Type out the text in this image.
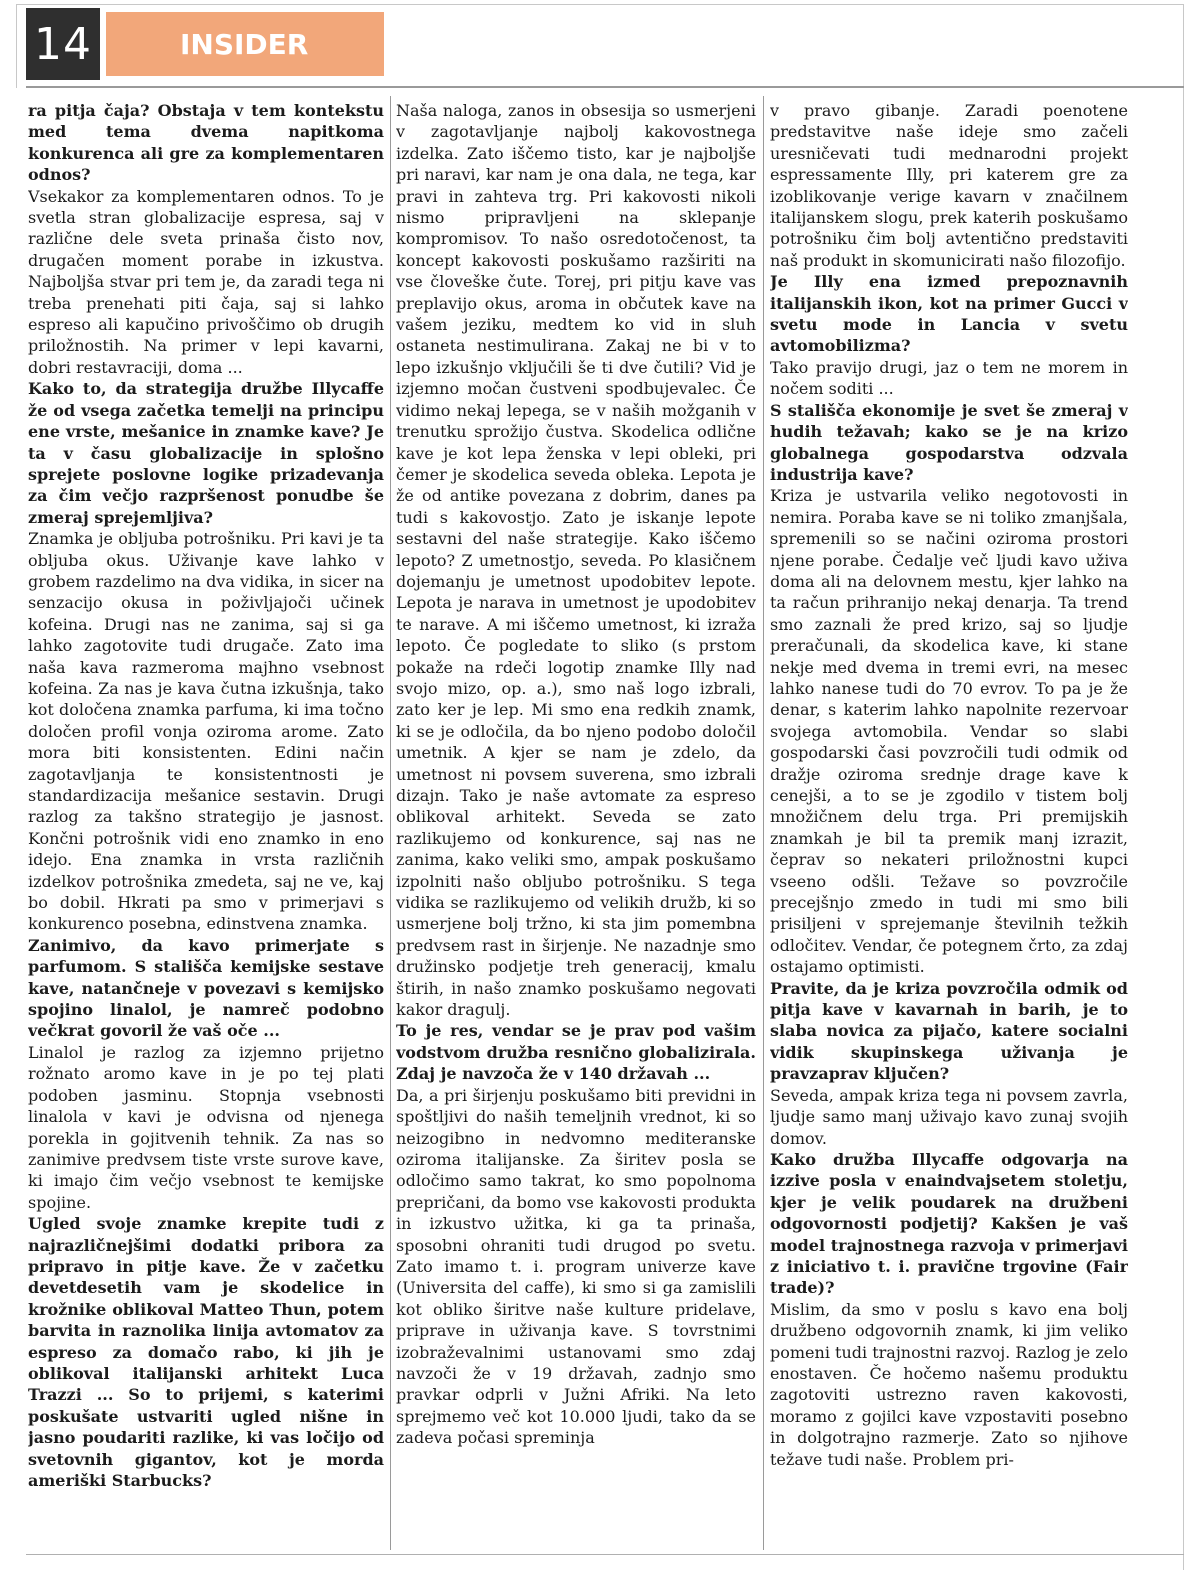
14	INSIDER

ra pitja čaja? Obstaja v tem kontekstu med tema dvema napitkoma konkurenca ali gre za komplementaren odnos?

Vsekakor za komplementaren odnos. To je svetla stran globalizacije espresa, saj v različne dele sveta prinaša čisto nov, drugačen moment porabe in izkustva. Najboljša stvar pri tem je, da zaradi tega ni treba prenehati piti čaja, saj si lahko espreso ali kapučino privoščimo ob drugih priložnostih. Na primer v lepi kavarni, dobri restavraciji, doma ...

Kako to, da strategija družbe Illycaffe že od vsega začetka temelji na principu ene vrste, mešanice in znamke kave? Je ta v času globalizacije in splošno sprejete poslovne logike prizadevanja za čim večjo razpršenost ponudbe še zmeraj sprejemljiva?

Znamka je obljuba potrošniku. Pri kavi je ta obljuba okus. Uživanje kave lahko v grobem razdelimo na dva vidika, in sicer na senzacijo okusa in poživljajoči učinek kofeina. Drugi nas ne zanima, saj si ga lahko zagotovite tudi drugače. Zato ima naša kava razmeroma majhno vsebnost kofeina. Za nas je kava čutna izkušnja, tako kot določena znamka parfuma, ki ima točno določen profil vonja oziroma arome. Zato mora biti konsistenten. Edini način zagotavljanja te konsistentnosti je standardizacija mešanice sestavin. Drugi razlog za takšno strategijo je jasnost. Končni potrošnik vidi eno znamko in eno idejo. Ena znamka in vrsta različnih izdelkov potrošnika zmedeta, saj ne ve, kaj bo dobil. Hkrati pa smo v primerjavi s konkurenco posebna, edinstvena znamka.

Zanimivo, da kavo primerjate s parfumom. S stališča kemijske sestave kave, natančneje v povezavi s kemijsko spojino linalol, je namreč podobno večkrat govoril že vaš oče ...

Linalol je razlog za izjemno prijetno rožnato aromo kave in je po tej plati podoben jasminu. Stopnja vsebnosti linalola v kavi je odvisna od njenega porekla in gojitvenih tehnik. Za nas so zanimive predvsem tiste vrste surove kave, ki imajo čim večjo vsebnost te kemijske spojine.

Ugled svoje znamke krepite tudi z najrazličnejšimi dodatki pribora za pripravo in pitje kave. Že v začetku devetdesetih vam je skodelice in krožnike oblikoval Matteo Thun, potem barvita in raznolika linija avtomatov za espreso za domačo rabo, ki jih je oblikoval italijanski arhitekt Luca Trazzi ... So to prijemi, s katerimi poskušate ustvariti ugled nišne in jasno poudariti razlike, ki vas ločijo od svetovnih gigantov, kot je morda ameriški Starbucks?

Naša naloga, zanos in obsesija so usmerjeni v zagotavljanje najbolj kakovostnega izdelka. Zato iščemo tisto, kar je najboljše pri naravi, kar nam je ona dala, ne tega, kar pravi in zahteva trg. Pri kakovosti nikoli nismo pripravljeni na sklepanje kompromisov. To našo osredotočenost, ta koncept kakovosti poskušamo razširiti na vse človeške čute. Torej, pri pitju kave vas preplavijo okus, aroma in občutek kave na vašem jeziku, medtem ko vid in sluh ostaneta nestimulirana. Zakaj ne bi v to lepo izkušnjo vključili še ti dve čutili? Vid je izjemno močan čustveni spodbujevalec. Če vidimo nekaj lepega, se v naših možganih v trenutku sprožijo čustva. Skodelica odlične kave je kot lepa ženska v lepi obleki, pri čemer je skodelica seveda obleka. Lepota je že od antike povezana z dobrim, danes pa tudi s kakovostjo. Zato je iskanje lepote sestavni del naše strategije. Kako iščemo lepoto? Z umetnostjo, seveda. Po klasičnem dojemanju je umetnost upodobitev lepote. Lepota je narava in umetnost je upodobitev te narave. A mi iščemo umetnost, ki izraža lepoto. Če pogledate to sliko (s prstom pokaže na rdeči logotip znamke Illy nad svojo mizo, op. a.), smo naš logo izbrali, zato ker je lep. Mi smo ena redkih znamk, ki se je odločila, da bo njeno podobo določil umetnik. A kjer se nam je zdelo, da umetnost ni povsem suverena, smo izbrali dizajn. Tako je naše avtomate za espreso oblikoval arhitekt. Seveda se zato razlikujemo od konkurence, saj nas ne zanima, kako veliki smo, ampak poskušamo izpolniti našo obljubo potrošniku. S tega vidika se razlikujemo od velikih družb, ki so usmerjene bolj tržno, ki sta jim pomembna predvsem rast in širjenje. Ne nazadnje smo družinsko podjetje treh generacij, kmalu štirih, in našo znamko poskušamo negovati kakor dragulj.

To je res, vendar se je prav pod vašim vodstvom družba resnično globalizirala. Zdaj je navzoča že v 140 državah ...

Da, a pri širjenju poskušamo biti previdni in spoštljivi do naših temeljnih vrednot, ki so neizogibno in nedvomno mediteranske oziroma italijanske. Za širitev posla se odločimo samo takrat, ko smo popolnoma prepričani, da bomo vse kakovosti produkta in izkustvo užitka, ki ga ta prinaša, sposobni ohraniti tudi drugod po svetu. Zato imamo t. i. program univerze kave (Universita del caffe), ki smo si ga zamislili kot obliko širitve naše kulture pridelave, priprave in uživanja kave. S tovrstnimi izobraževalnimi ustanovami smo zdaj navzoči že v 19 državah, zadnjo smo pravkar odprli v Južni Afriki. Na leto sprejmemo več kot 10.000 ljudi, tako da se zadeva počasi spreminja

v pravo gibanje. Zaradi poenotene predstavitve naše ideje smo začeli uresničevati tudi mednarodni projekt espressamente Illy, pri katerem gre za izoblikovanje verige kavarn v značilnem italijanskem slogu, prek katerih poskušamo potrošniku čim bolj avtentično predstaviti naš produkt in skomunicirati našo filozofijo.

Je Illy ena izmed prepoznavnih italijanskih ikon, kot na primer Gucci v svetu mode in Lancia v svetu avtomobilizma?

Tako pravijo drugi, jaz o tem ne morem in nočem soditi ...

S stališča ekonomije je svet še zmeraj v hudih težavah; kako se je na krizo globalnega gospodarstva odzvala industrija kave?

Kriza je ustvarila veliko negotovosti in nemira. Poraba kave se ni toliko zmanjšala, spremenili so se načini oziroma prostori njene porabe. Čedalje več ljudi kavo uživa doma ali na delovnem mestu, kjer lahko na ta račun prihranijo nekaj denarja. Ta trend smo zaznali že pred krizo, saj so ljudje preračunali, da skodelica kave, ki stane nekje med dvema in tremi evri, na mesec lahko nanese tudi do 70 evrov. To pa je že denar, s katerim lahko napolnite rezervoar svojega avtomobila. Vendar so slabi gospodarski časi povzročili tudi odmik od dražje oziroma srednje drage kave k cenejši, a to se je zgodilo v tistem bolj množičnem delu trga. Pri premijskih znamkah je bil ta premik manj izrazit, čeprav so nekateri priložnostni kupci vseeno odšli. Težave so povzročile precejšnjo zmedo in tudi mi smo bili prisiljeni v sprejemanje številnih težkih odločitev. Vendar, če potegnem črto, za zdaj ostajamo optimisti.

Pravite, da je kriza povzročila odmik od pitja kave v kavarnah in barih, je to slaba novica za pijačo, katere socialni vidik skupinskega uživanja je pravzaprav ključen?

Seveda, ampak kriza tega ni povsem zavrla, ljudje samo manj uživajo kavo zunaj svojih domov.

Kako družba Illycaffe odgovarja na izzive posla v enaindvajsetem stoletju, kjer je velik poudarek na družbeni odgovornosti podjetij? Kakšen je vaš model trajnostnega razvoja v primerjavi z iniciativo t. i. pravične trgovine (Fair trade)?

Mislim, da smo v poslu s kavo ena bolj družbeno odgovornih znamk, ki jim veliko pomeni tudi trajnostni razvoj. Razlog je zelo enostaven. Če hočemo našemu produktu zagotoviti ustrezno raven kakovosti, moramo z gojilci kave vzpostaviti posebno in dolgotrajno razmerje. Zato so njihove težave tudi naše. Problem pri-
